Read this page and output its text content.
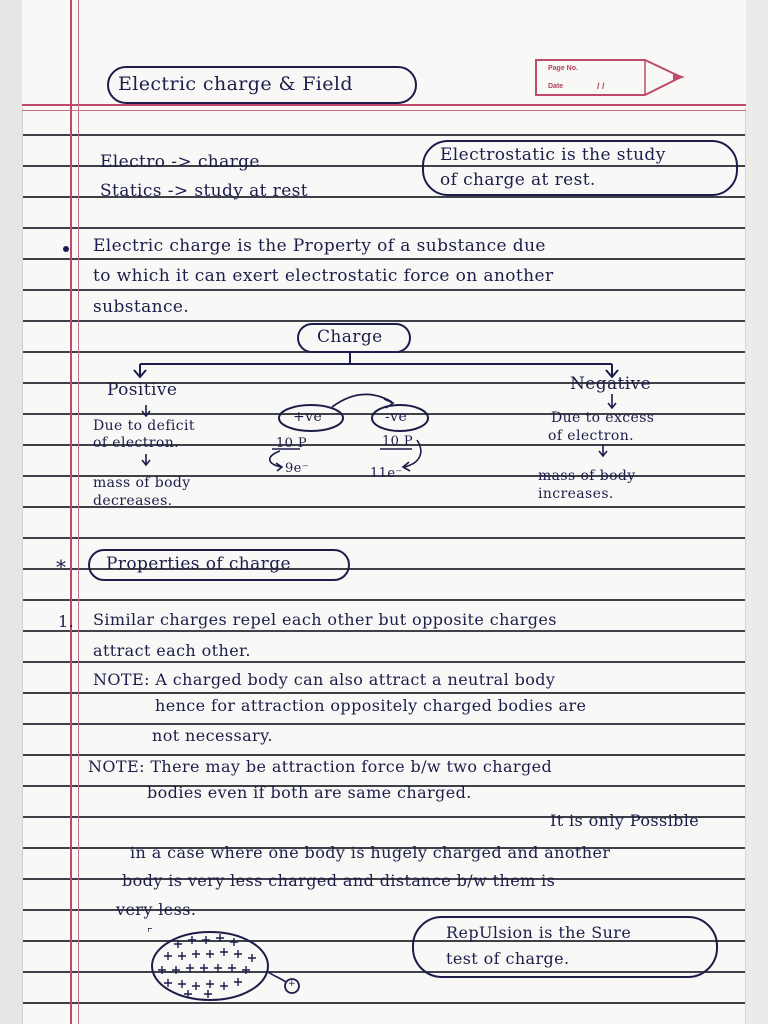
Page No.
Date	/ /
Electric charge & Field
Electro -> charge
Statics -> study at rest
Electrostatic is the study
of charge at rest.
Electric charge is the Property of a substance due
to which it can exert electrostatic force on another
substance.
Charge
Positive	Negative
Due to deficit
of electron.
Due to excess
of electron.
mass of body
decreases.
mass of body
increases.
+ve	-ve
10 P
9e⁻
10 P
11e⁻
* Properties of charge
1. Similar charges repel each other but opposite charges
attract each other.
NOTE: A charged body can also attract a neutral body
hence for attraction oppositely charged bodies are
not necessary.
NOTE: There may be attraction force b/w two charged
bodies even if both are same charged.
It is only Possible
in a case where one body is hugely charged and another
body is very less charged and distance b/w them is
very less.
RepUlsion is the Sure
test of charge.
+
